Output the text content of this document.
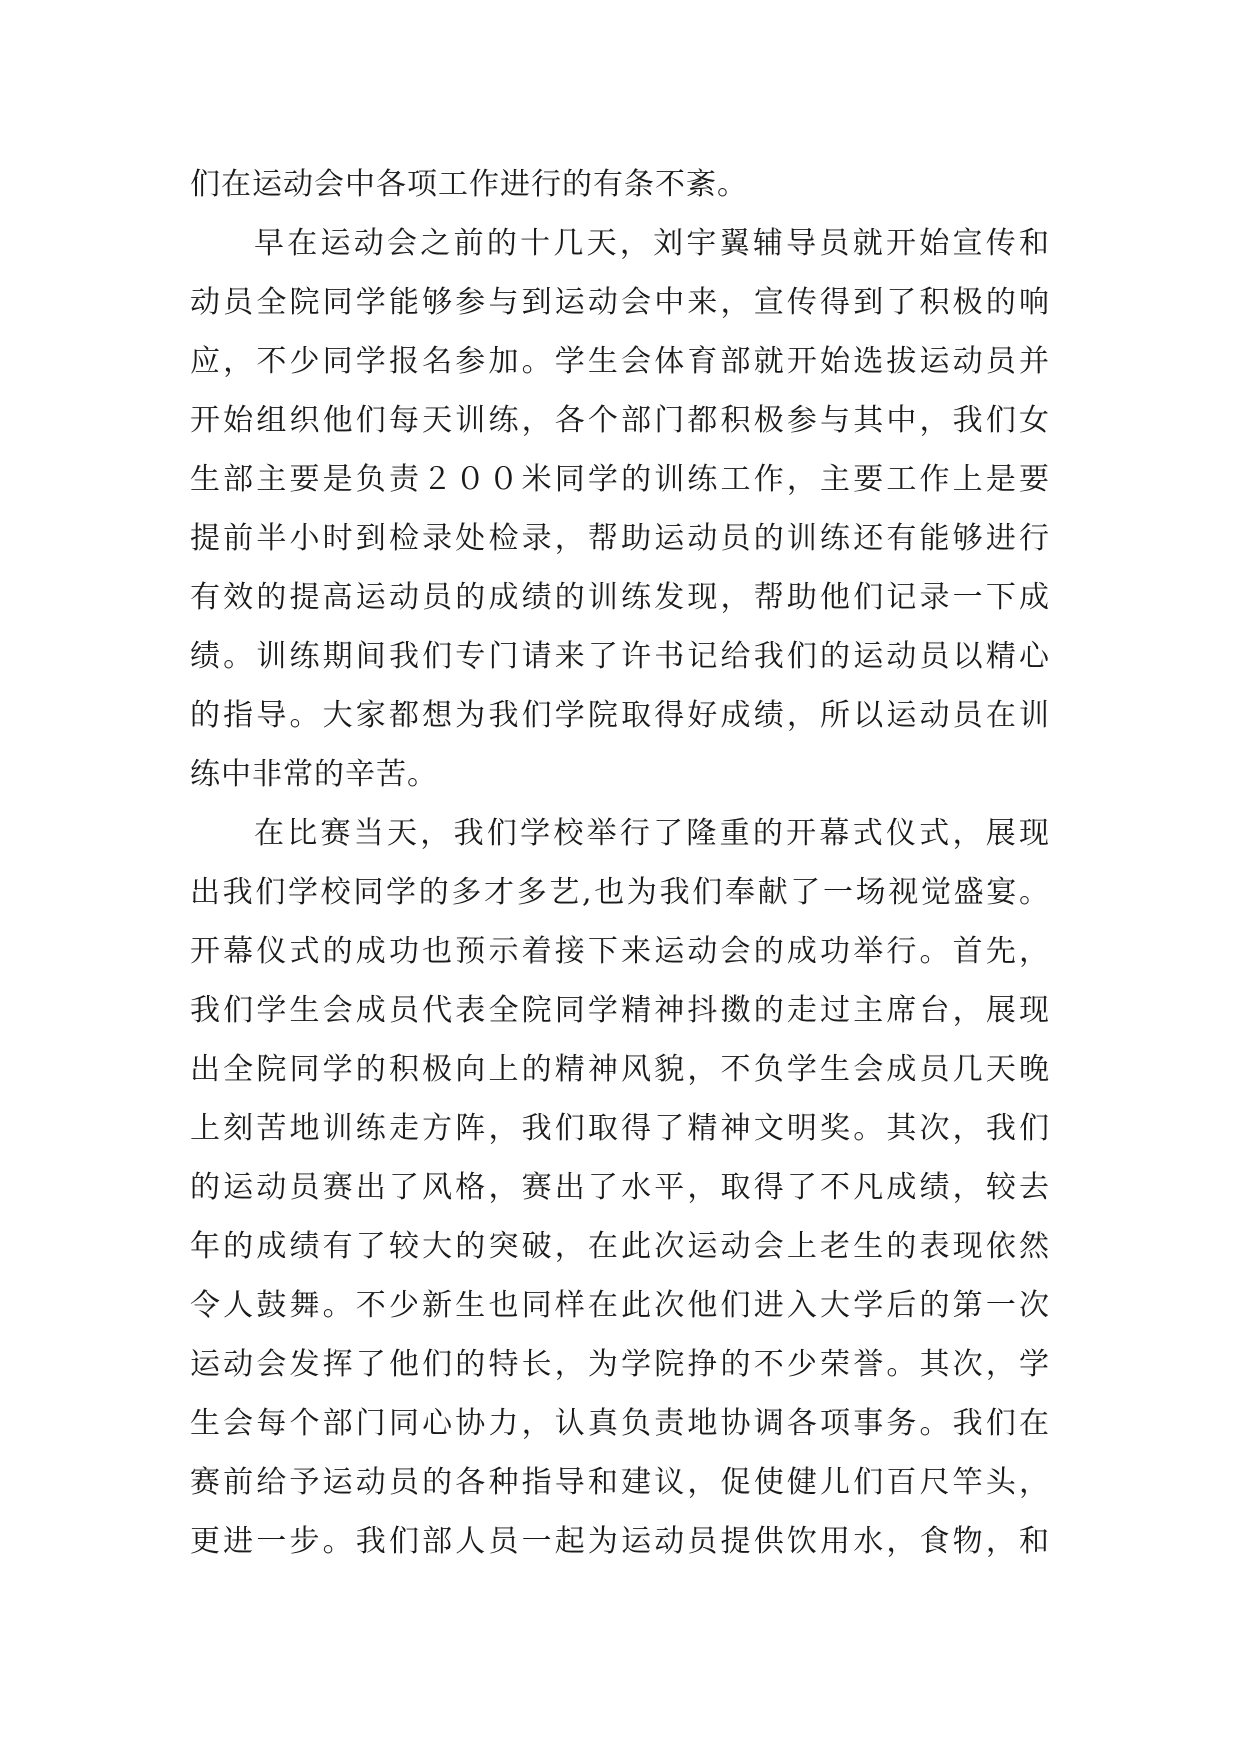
们在运动会中各项工作进行的有条不紊。
早在运动会之前的十几天，刘宇翼辅导员就开始宣传和
动员全院同学能够参与到运动会中来，宣传得到了积极的响
应，不少同学报名参加。学生会体育部就开始选拔运动员并
开始组织他们每天训练，各个部门都积极参与其中，我们女
生部主要是负责２００米同学的训练工作，主要工作上是要
提前半小时到检录处检录，帮助运动员的训练还有能够进行
有效的提高运动员的成绩的训练发现，帮助他们记录一下成
绩。训练期间我们专门请来了许书记给我们的运动员以精心
的指导。大家都想为我们学院取得好成绩，所以运动员在训
练中非常的辛苦。
在比赛当天，我们学校举行了隆重的开幕式仪式，展现
出我们学校同学的多才多艺,也为我们奉献了一场视觉盛宴。
开幕仪式的成功也预示着接下来运动会的成功举行。首先，
我们学生会成员代表全院同学精神抖擞的走过主席台，展现
出全院同学的积极向上的精神风貌，不负学生会成员几天晚
上刻苦地训练走方阵，我们取得了精神文明奖。其次，我们
的运动员赛出了风格，赛出了水平，取得了不凡成绩，较去
年的成绩有了较大的突破，在此次运动会上老生的表现依然
令人鼓舞。不少新生也同样在此次他们进入大学后的第一次
运动会发挥了他们的特长，为学院挣的不少荣誉。其次，学
生会每个部门同心协力，认真负责地协调各项事务。我们在
赛前给予运动员的各种指导和建议，促使健儿们百尺竿头，
更进一步。我们部人员一起为运动员提供饮用水，食物，和
